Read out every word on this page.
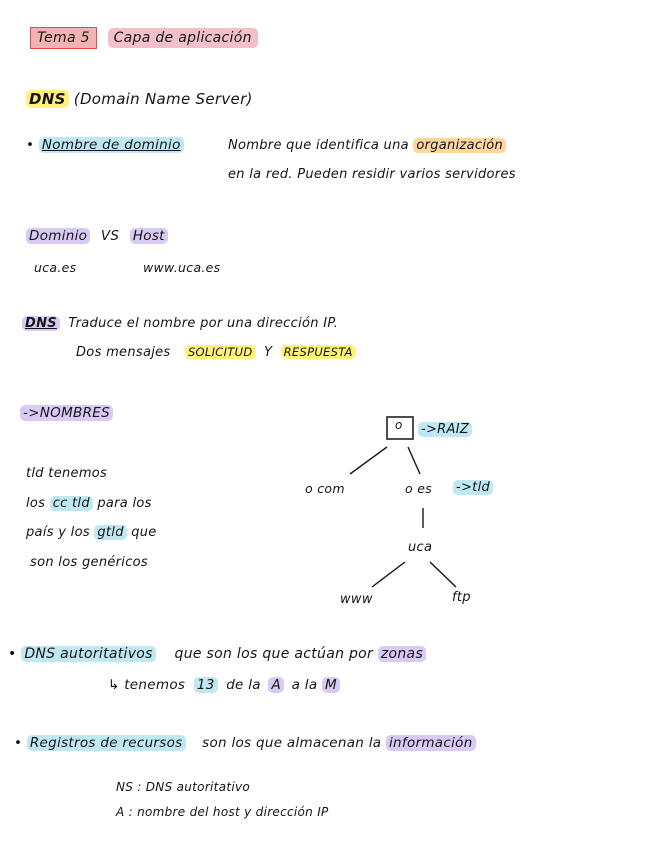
Tema 5 Capa de aplicación
DNS (Domain Name Server)
• Nombre de dominio	Nombre que identifica una organización
en la red. Pueden residir varios servidores
Dominio VS Host
uca.es	www.uca.es
DNS Traduce el nombre por una dirección IP.
Dos mensajes SOLICITUD Y RESPUESTA
->NOMBRES
tld tenemos
los cc tld para los
país y los gtld que
son los genéricos
o ->RAIZ
o com	o es ->tld
uca
www	ftp
• DNS autoritativos que son los que actúan por zonas
↳ tenemos 13 de la A a la M
• Registros de recursos son los que almacenan la información
NS : DNS autoritativo
A : nombre del host y dirección IP
